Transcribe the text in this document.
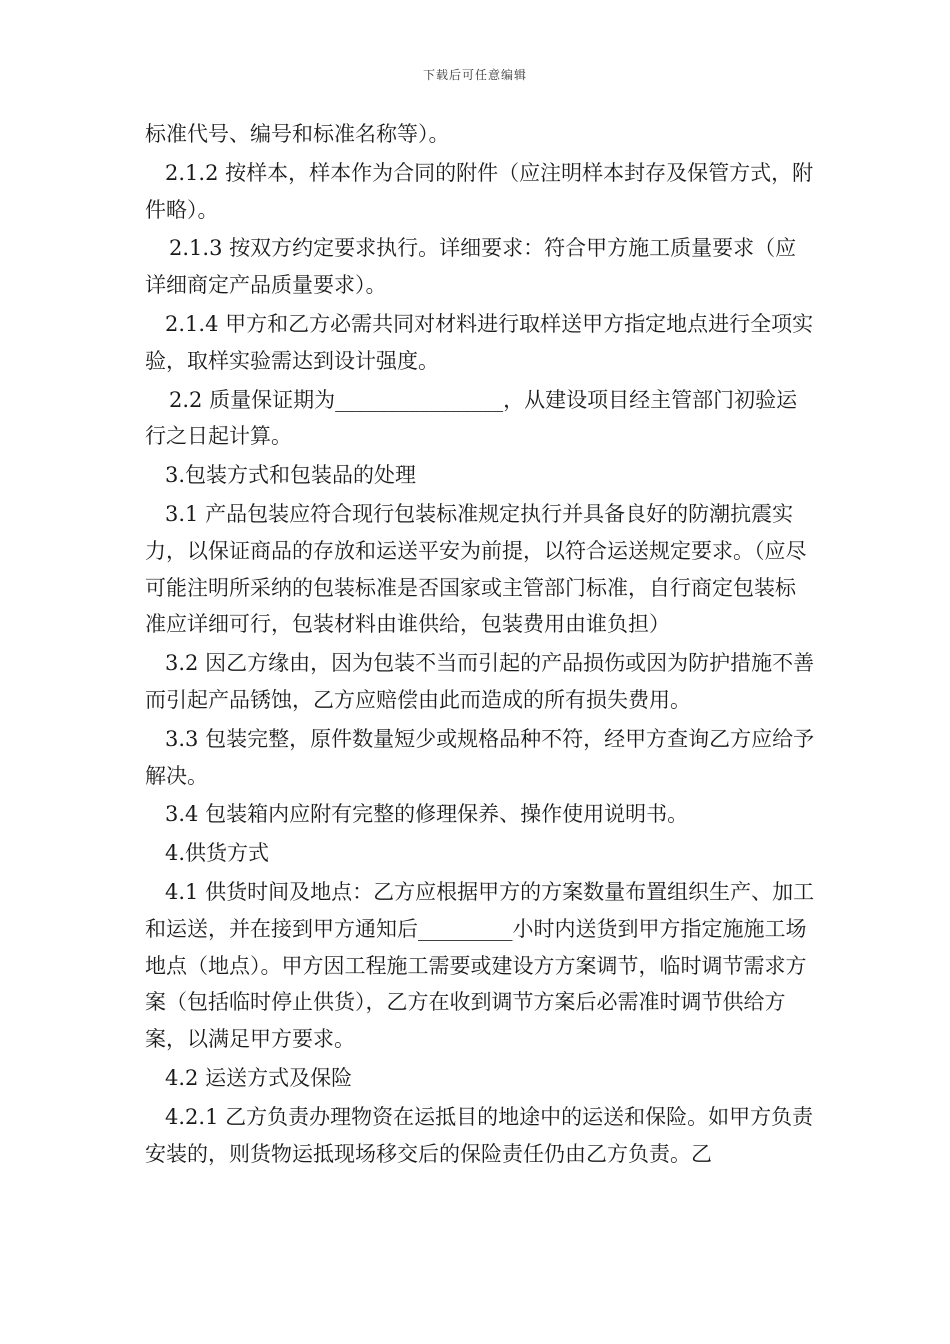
下载后可任意编辑

标准代号、编号和标准名称等）。

2.1.2 按样本，样本作为合同的附件（应注明样本封存及保管方式，附件略）。

2.1.3 按双方约定要求执行。详细要求：符合甲方施工质量要求（应详细商定产品质量要求）。

2.1.4 甲方和乙方必需共同对材料进行取样送甲方指定地点进行全项实验，取样实验需达到设计强度。

2.2 质量保证期为________________，从建设项目经主管部门初验运行之日起计算。

3.包装方式和包装品的处理

3.1 产品包装应符合现行包装标准规定执行并具备良好的防潮抗震实力，以保证商品的存放和运送平安为前提，以符合运送规定要求。（应尽可能注明所采纳的包装标准是否国家或主管部门标准，自行商定包装标准应详细可行，包装材料由谁供给，包装费用由谁负担）

3.2 因乙方缘由，因为包装不当而引起的产品损伤或因为防护措施不善而引起产品锈蚀，乙方应赔偿由此而造成的所有损失费用。

3.3 包装完整，原件数量短少或规格品种不符，经甲方查询乙方应给予解决。

3.4 包装箱内应附有完整的修理保养、操作使用说明书。

4.供货方式

4.1 供货时间及地点：乙方应根据甲方的方案数量布置组织生产、加工和运送，并在接到甲方通知后_________小时内送货到甲方指定施施工场地点（地点）。甲方因工程施工需要或建设方方案调节，临时调节需求方案（包括临时停止供货），乙方在收到调节方案后必需准时调节供给方案，以满足甲方要求。

4.2 运送方式及保险

4.2.1 乙方负责办理物资在运抵目的地途中的运送和保险。如甲方负责安装的，则货物运抵现场移交后的保险责任仍由乙方负责。乙
